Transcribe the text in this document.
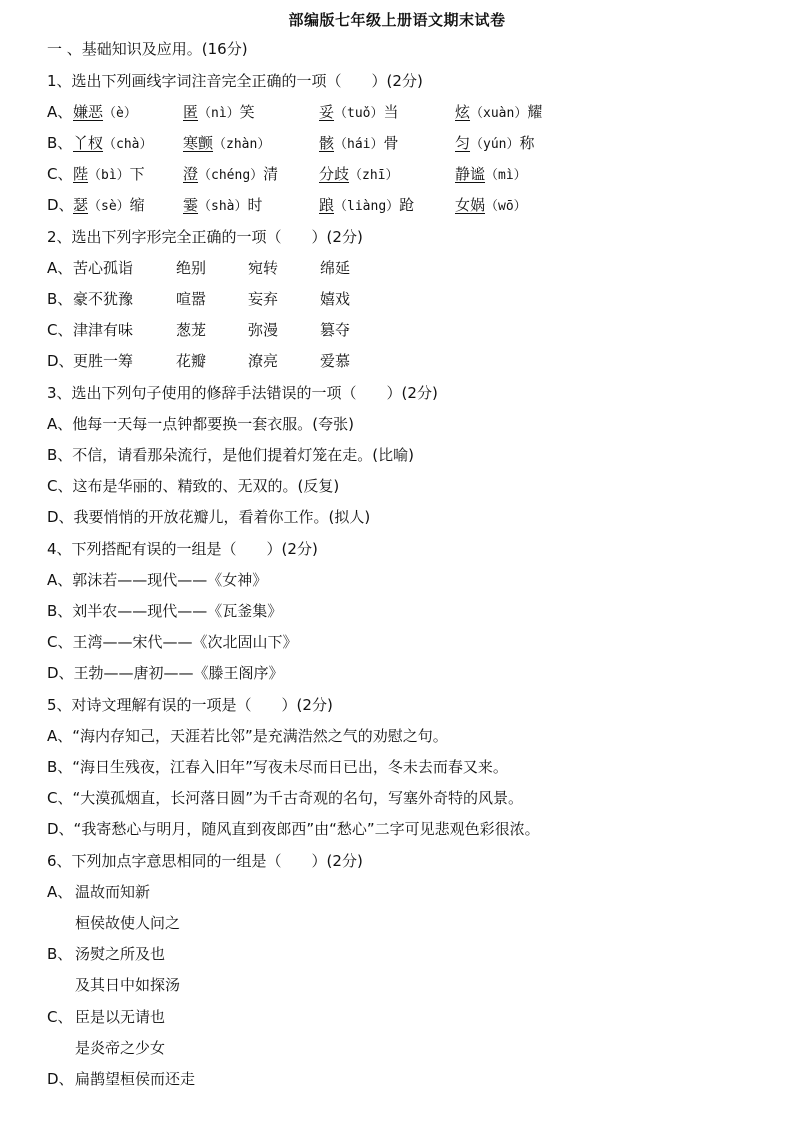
部编版七年级上册语文期末试卷
一 、基础知识及应用。(16分)
1、选出下列画线字词注音完全正确的一项（　　）(2分)
A、 嫌恶（è）	匿（nì）笑	妥（tuǒ）当	炫（xuàn）耀
B、 丫杈（chà） 寒颤（zhàn）	骸（hái）骨	匀（yún）称
C、 陛（bì）下	澄（chéng）清	分歧（zhī）	静谧（mì）
D、 瑟（sè）缩	霎（shà）时	踉（liàng）跄	女娲（wō）
2、选出下列字形完全正确的一项（　　）(2分)
A、 苦心孤诣	绝别	宛转	绵延
B、 豪不犹豫	喧嚣	妄弃	嬉戏
C、 津津有味	葱茏	弥漫	篡夺
D、 更胜一筹	花瓣	潦亮	爱慕
3、选出下列句子使用的修辞手法错误的一项（　　）(2分)
A、他每一天每一点钟都要换一套衣服。(夸张)
B、不信，请看那朵流行，是他们提着灯笼在走。(比喻)
C、这布是华丽的、精致的、无双的。(反复)
D、我要悄悄的开放花瓣儿，看着你工作。(拟人)
4、下列搭配有误的一组是（　　）(2分)
A、郭沫若——现代——《女神》
B、刘半农——现代——《瓦釜集》
C、王湾——宋代——《次北固山下》
D、王勃——唐初——《滕王阁序》
5、对诗文理解有误的一项是（　　）(2分)
A、“海内存知己，天涯若比邻”是充满浩然之气的劝慰之句。
B、“海日生残夜，江春入旧年”写夜未尽而日已出，冬未去而春又来。
C、“大漠孤烟直，长河落日圆”为千古奇观的名句，写塞外奇特的风景。
D、“我寄愁心与明月，随风直到夜郎西”由“愁心”二字可见悲观色彩很浓。
6、下列加点字意思相同的一组是（　　）(2分)
A、 温故而知新
桓侯故使人问之
B、 汤熨之所及也
及其日中如探汤
C、 臣是以无请也
是炎帝之少女
D、 扁鹊望桓侯而还走
